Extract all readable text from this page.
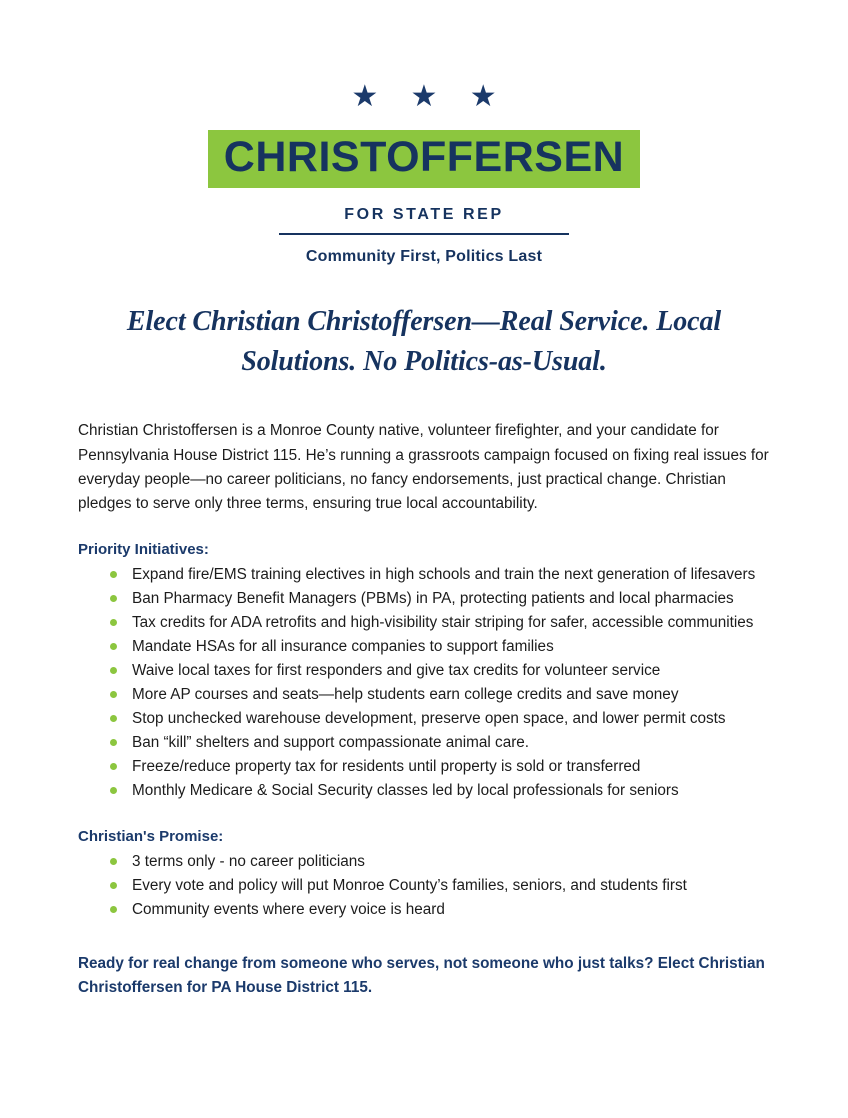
★ ★ ★
CHRISTOFFERSEN
FOR STATE REP
Community First, Politics Last
Elect Christian Christoffersen—Real Service. Local Solutions. No Politics-as-Usual.

Christian Christoffersen is a Monroe County native, volunteer firefighter, and your candidate for Pennsylvania House District 115. He’s running a grassroots campaign focused on fixing real issues for everyday people—no career politicians, no fancy endorsements, just practical change. Christian pledges to serve only three terms, ensuring true local accountability.

Priority Initiatives:
Expand fire/EMS training electives in high schools and train the next generation of lifesavers
Ban Pharmacy Benefit Managers (PBMs) in PA, protecting patients and local pharmacies
Tax credits for ADA retrofits and high-visibility stair striping for safer, accessible communities
Mandate HSAs for all insurance companies to support families
Waive local taxes for first responders and give tax credits for volunteer service
More AP courses and seats—help students earn college credits and save money
Stop unchecked warehouse development, preserve open space, and lower permit costs
Ban “kill” shelters and support compassionate animal care.
Freeze/reduce property tax for residents until property is sold or transferred
Monthly Medicare & Social Security classes led by local professionals for seniors
Christian's Promise:
3 terms only - no career politicians
Every vote and policy will put Monroe County’s families, seniors, and students first
Community events where every voice is heard

Ready for real change from someone who serves, not someone who just talks? Elect Christian Christoffersen for PA House District 115.
